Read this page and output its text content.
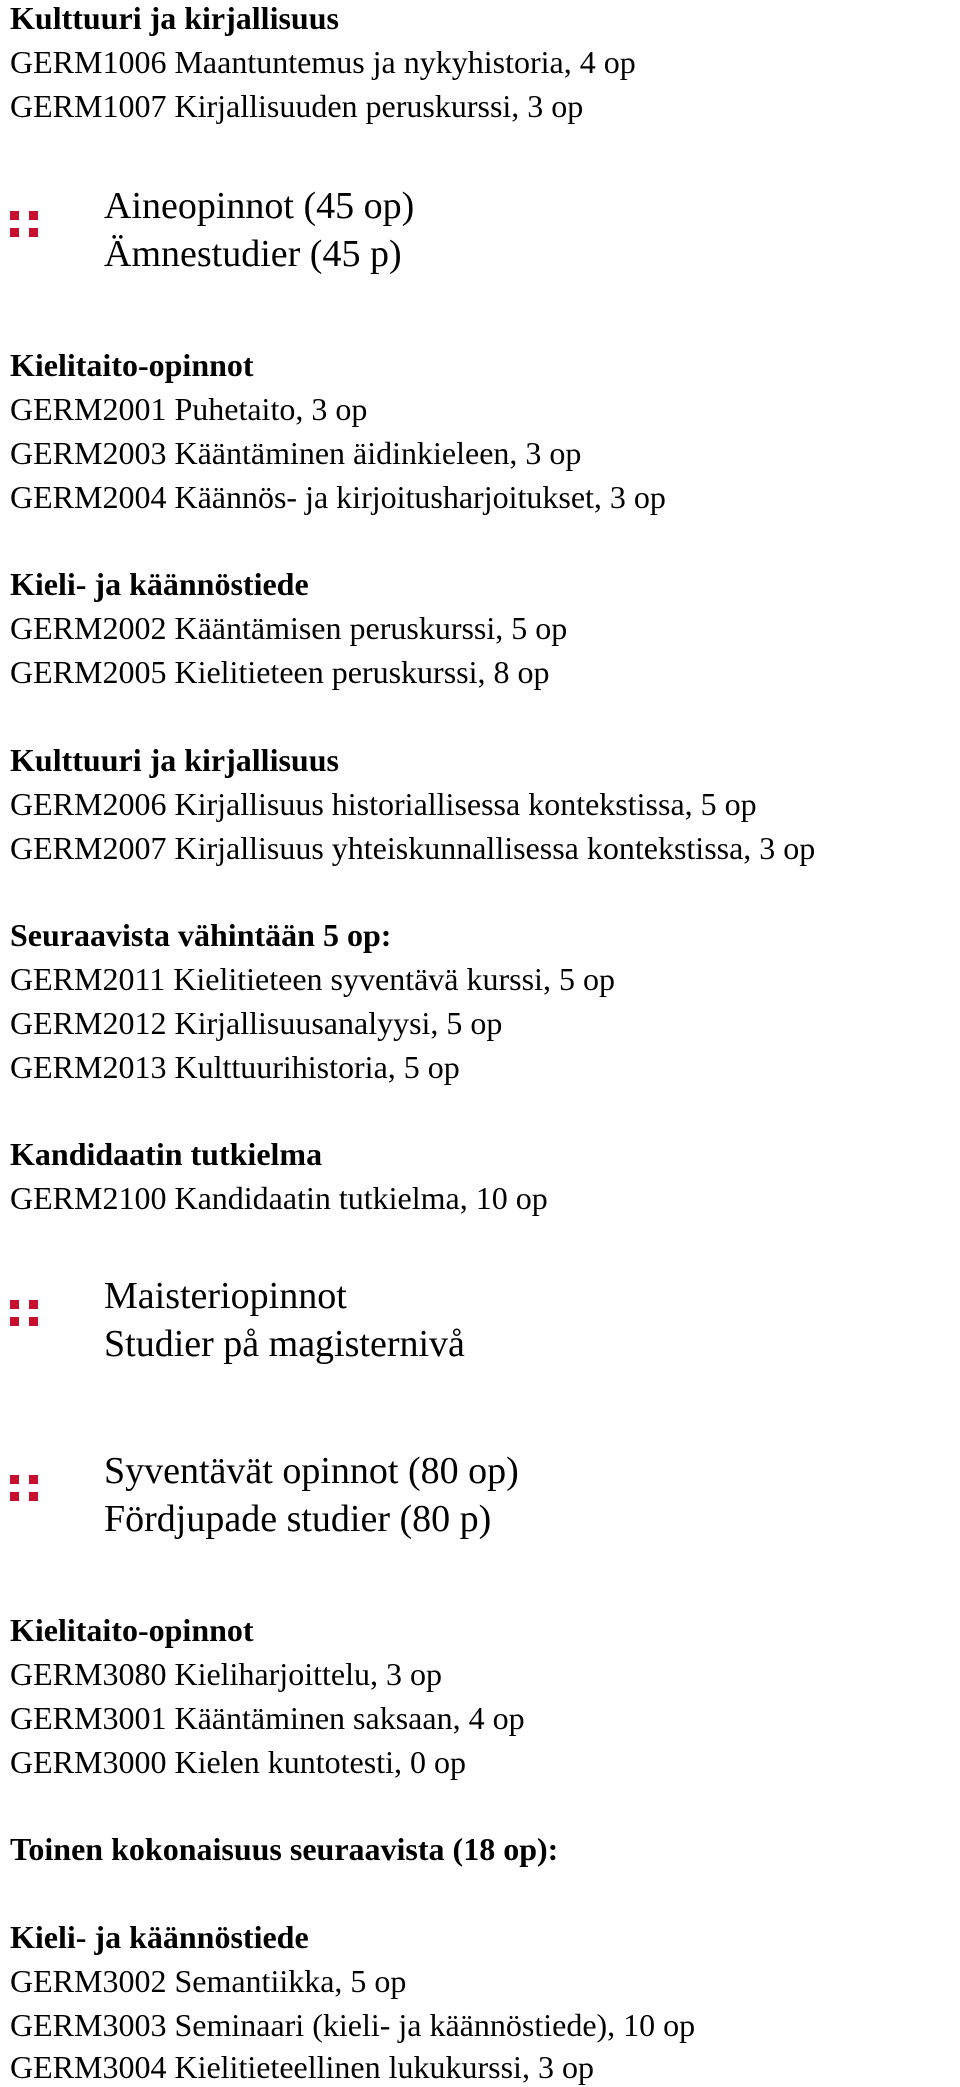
Kulttuuri ja kirjallisuus

GERM1006 Maantuntemus ja nykyhistoria, 4 op

GERM1007 Kirjallisuuden peruskurssi, 3 op

Aineopinnot (45 op)

Ämnestudier (45 p)

Kielitaito-opinnot

GERM2001 Puhetaito, 3 op

GERM2003 Kääntäminen äidinkieleen, 3 op

GERM2004 Käännös- ja kirjoitusharjoitukset, 3 op

Kieli- ja käännöstiede

GERM2002 Kääntämisen peruskurssi, 5 op

GERM2005 Kielitieteen peruskurssi, 8 op

Kulttuuri ja kirjallisuus

GERM2006 Kirjallisuus historiallisessa kontekstissa, 5 op

GERM2007 Kirjallisuus yhteiskunnallisessa kontekstissa, 3 op

Seuraavista vähintään 5 op:

GERM2011 Kielitieteen syventävä kurssi, 5 op

GERM2012 Kirjallisuusanalyysi, 5 op

GERM2013 Kulttuurihistoria, 5 op

Kandidaatin tutkielma

GERM2100 Kandidaatin tutkielma, 10 op

Maisteriopinnot

Studier på magisternivå

Syventävät opinnot (80 op)

Fördjupade studier (80 p)

Kielitaito-opinnot

GERM3080 Kieliharjoittelu, 3 op

GERM3001 Kääntäminen saksaan, 4 op

GERM3000 Kielen kuntotesti, 0 op

Toinen kokonaisuus seuraavista (18 op):

Kieli- ja käännöstiede

GERM3002 Semantiikka, 5 op

GERM3003 Seminaari (kieli- ja käännöstiede), 10 op

GERM3004 Kielitieteellinen lukukurssi, 3 op
